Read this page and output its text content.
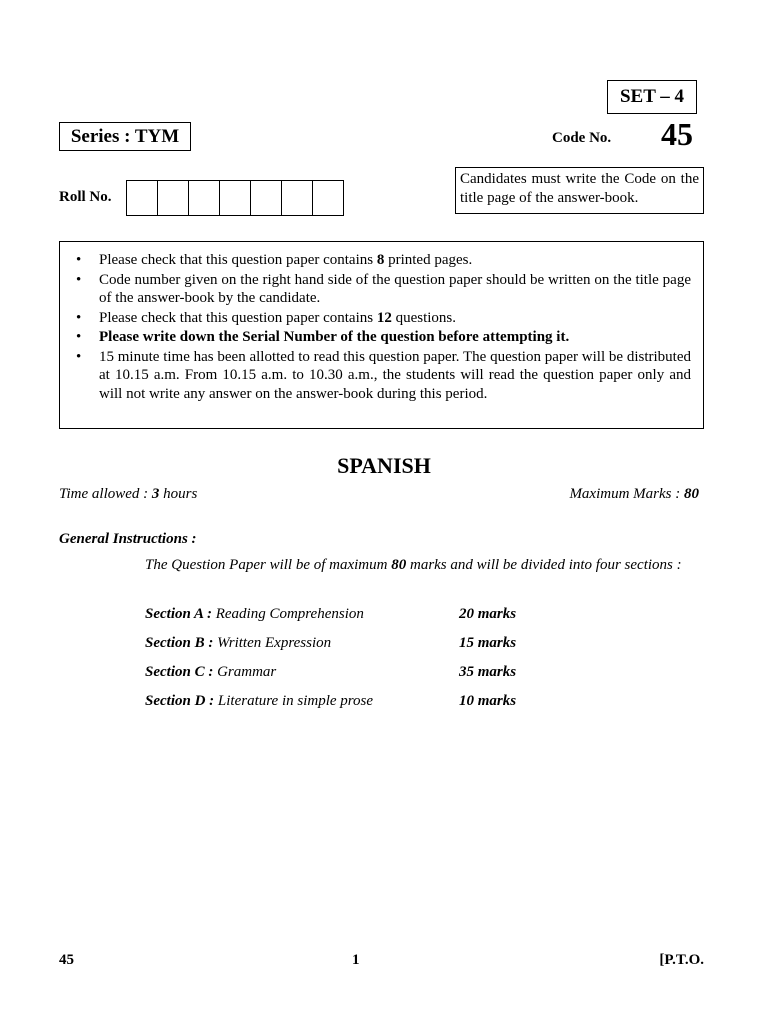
SET – 4
Series : TYM	Code No. 45
Candidates must write the Code on the title page of the answer-book.
Roll No.
• Please check that this question paper contains 8 printed pages.
• Code number given on the right hand side of the question paper should be written on the title page of the answer-book by the candidate.
• Please check that this question paper contains 12 questions.
• Please write down the Serial Number of the question before attempting it.
• 15 minute time has been allotted to read this question paper. The question paper will be distributed at 10.15 a.m. From 10.15 a.m. to 10.30 a.m., the students will read the question paper only and will not write any answer on the answer-book during this period.
SPANISH
Time allowed : 3 hours	Maximum Marks : 80
General Instructions :
The Question Paper will be of maximum 80 marks and will be divided into four sections :
Section A : Reading Comprehension	20 marks
Section B : Written Expression	15 marks
Section C : Grammar	35 marks
Section D : Literature in simple prose	10 marks
45	1	[P.T.O.
